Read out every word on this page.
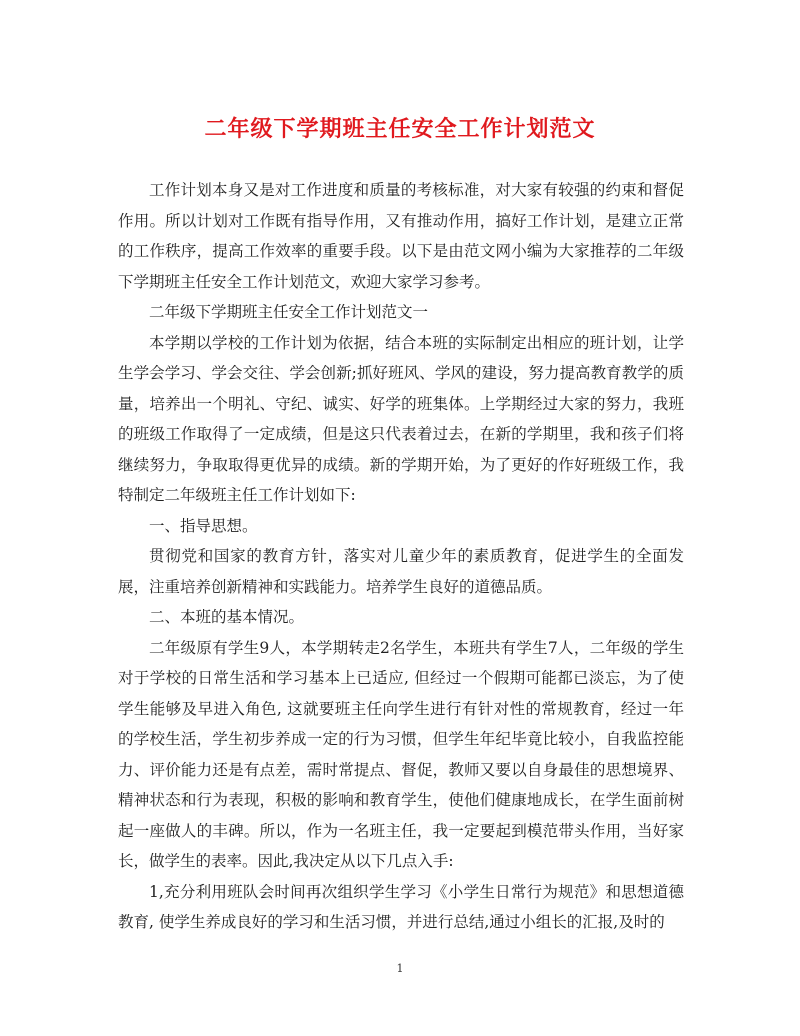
二年级下学期班主任安全工作计划范文

工作计划本身又是对工作进度和质量的考核标准，对大家有较强的约束和督促作用。所以计划对工作既有指导作用，又有推动作用，搞好工作计划，是建立正常的工作秩序，提高工作效率的重要手段。以下是由范文网小编为大家推荐的二年级下学期班主任安全工作计划范文，欢迎大家学习参考。

二年级下学期班主任安全工作计划范文一

本学期以学校的工作计划为依据，结合本班的实际制定出相应的班计划，让学生学会学习、学会交往、学会创新;抓好班风、学风的建设，努力提高教育教学的质量，培养出一个明礼、守纪、诚实、好学的班集体。上学期经过大家的努力，我班的班级工作取得了一定成绩，但是这只代表着过去，在新的学期里，我和孩子们将继续努力，争取取得更优异的成绩。新的学期开始，为了更好的作好班级工作，我特制定二年级班主任工作计划如下:

一、指导思想。

贯彻党和国家的教育方针，落实对儿童少年的素质教育，促进学生的全面发展，注重培养创新精神和实践能力。培养学生良好的道德品质。

二、本班的基本情况。

二年级原有学生9人，本学期转走2名学生，本班共有学生7人，二年级的学生对于学校的日常生活和学习基本上已适应, 但经过一个假期可能都已淡忘，为了使学生能够及早进入角色, 这就要班主任向学生进行有针对性的常规教育，经过一年的学校生活，学生初步养成一定的行为习惯，但学生年纪毕竟比较小，自我监控能力、评价能力还是有点差，需时常提点、督促，教师又要以自身最佳的思想境界、精神状态和行为表现，积极的影响和教育学生，使他们健康地成长，在学生面前树起一座做人的丰碑。所以，作为一名班主任，我一定要起到模范带头作用，当好家长，做学生的表率。因此,我决定从以下几点入手:

1,充分利用班队会时间再次组织学生学习《小学生日常行为规范》和思想道德教育, 使学生养成良好的学习和生活习惯，并进行总结,通过小组长的汇报,及时的

1
